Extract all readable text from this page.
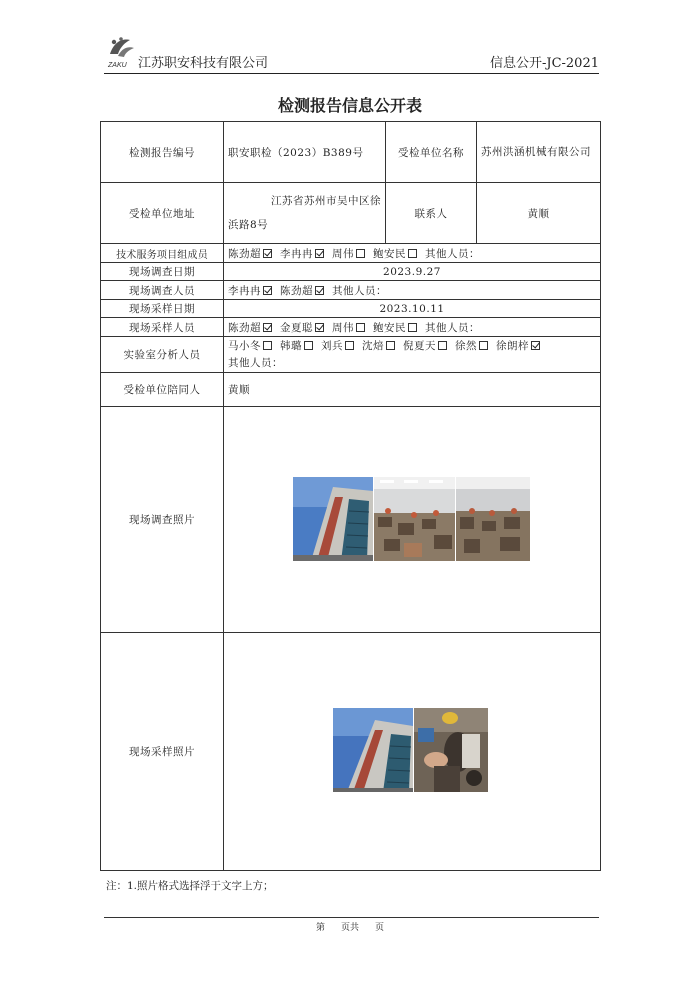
ZAKU 江苏职安科技有限公司	信息公开-JC-2021
检测报告信息公开表
检测报告编号	职安职检（2023）B389号	受检单位名称	苏州洪涵机械有限公司
受检单位地址	江苏省苏州市吴中区徐
浜路8号	联系人	黄顺
技术服务项目组成员	陈劲超 李冉冉 周伟 鲍安民 其他人员：		
现场调查日期	2023.9.27		
现场调查人员	李冉冉 陈劲超 其他人员：		
现场采样日期	2023.10.11		
现场采样人员	陈劲超 金夏聪 周伟 鲍安民 其他人员：		
实验室分析人员	马小冬 韩璐 刘兵 沈焙 倪夏天 徐然 徐朗梓
其他人员：		
受检单位陪同人	黄顺		
现场调查照片	

现场采样照片	
注：1.照片格式选择浮于文字上方；
第 页共 页
